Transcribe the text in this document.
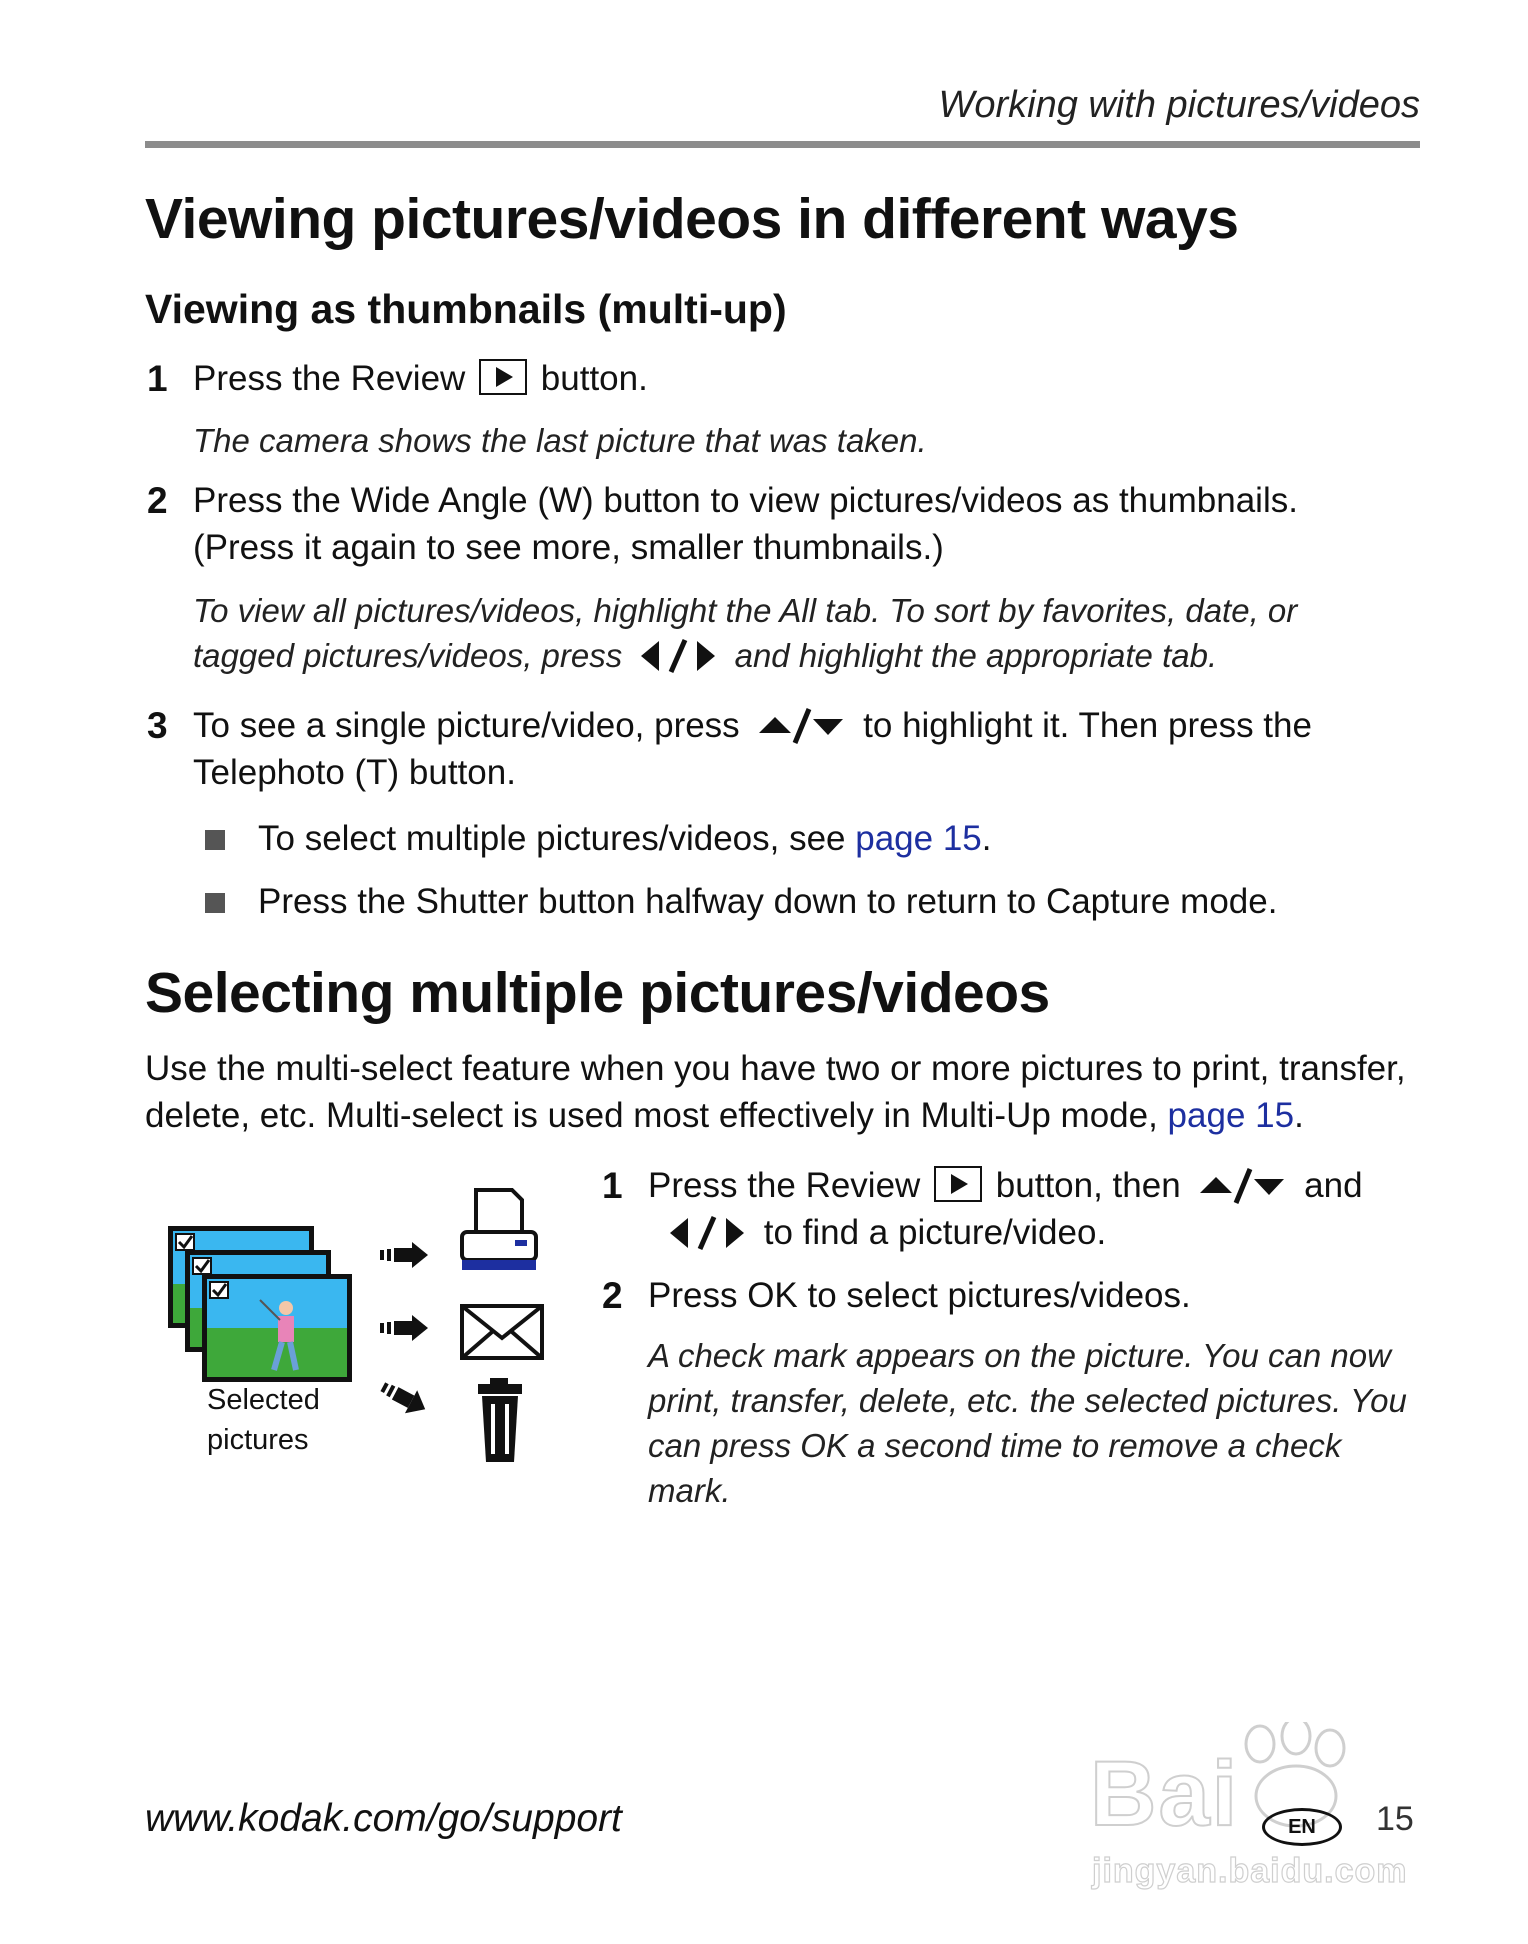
Working with pictures/videos
Viewing pictures/videos in different ways
Viewing as thumbnails (multi-up)
1 Press the Review button.
The camera shows the last picture that was taken.
2 Press the Wide Angle (W) button to view pictures/videos as thumbnails. (Press it again to see more, smaller thumbnails.)
To view all pictures/videos, highlight the All tab. To sort by favorites, date, or tagged pictures/videos, press	and highlight the appropriate tab.
3 To see a single picture/video, press	to highlight it. Then press the Telephoto (T) button.
To select multiple pictures/videos, see page 15.
Press the Shutter button halfway down to return to Capture mode.
Selecting multiple pictures/videos
Use the multi-select feature when you have two or more pictures to print, transfer, delete, etc. Multi-select is used most effectively in Multi-Up mode, page 15.
Selected
pictures
1 Press the Review button, then	and
to find a picture/video.
2 Press OK to select pictures/videos.
A check mark appears on the picture. You can now print, transfer, delete, etc. the selected pictures. You can press OK a second time to remove a check mark.
Bai
jingyan.baidu.com
www.kodak.com/go/support	EN	15
